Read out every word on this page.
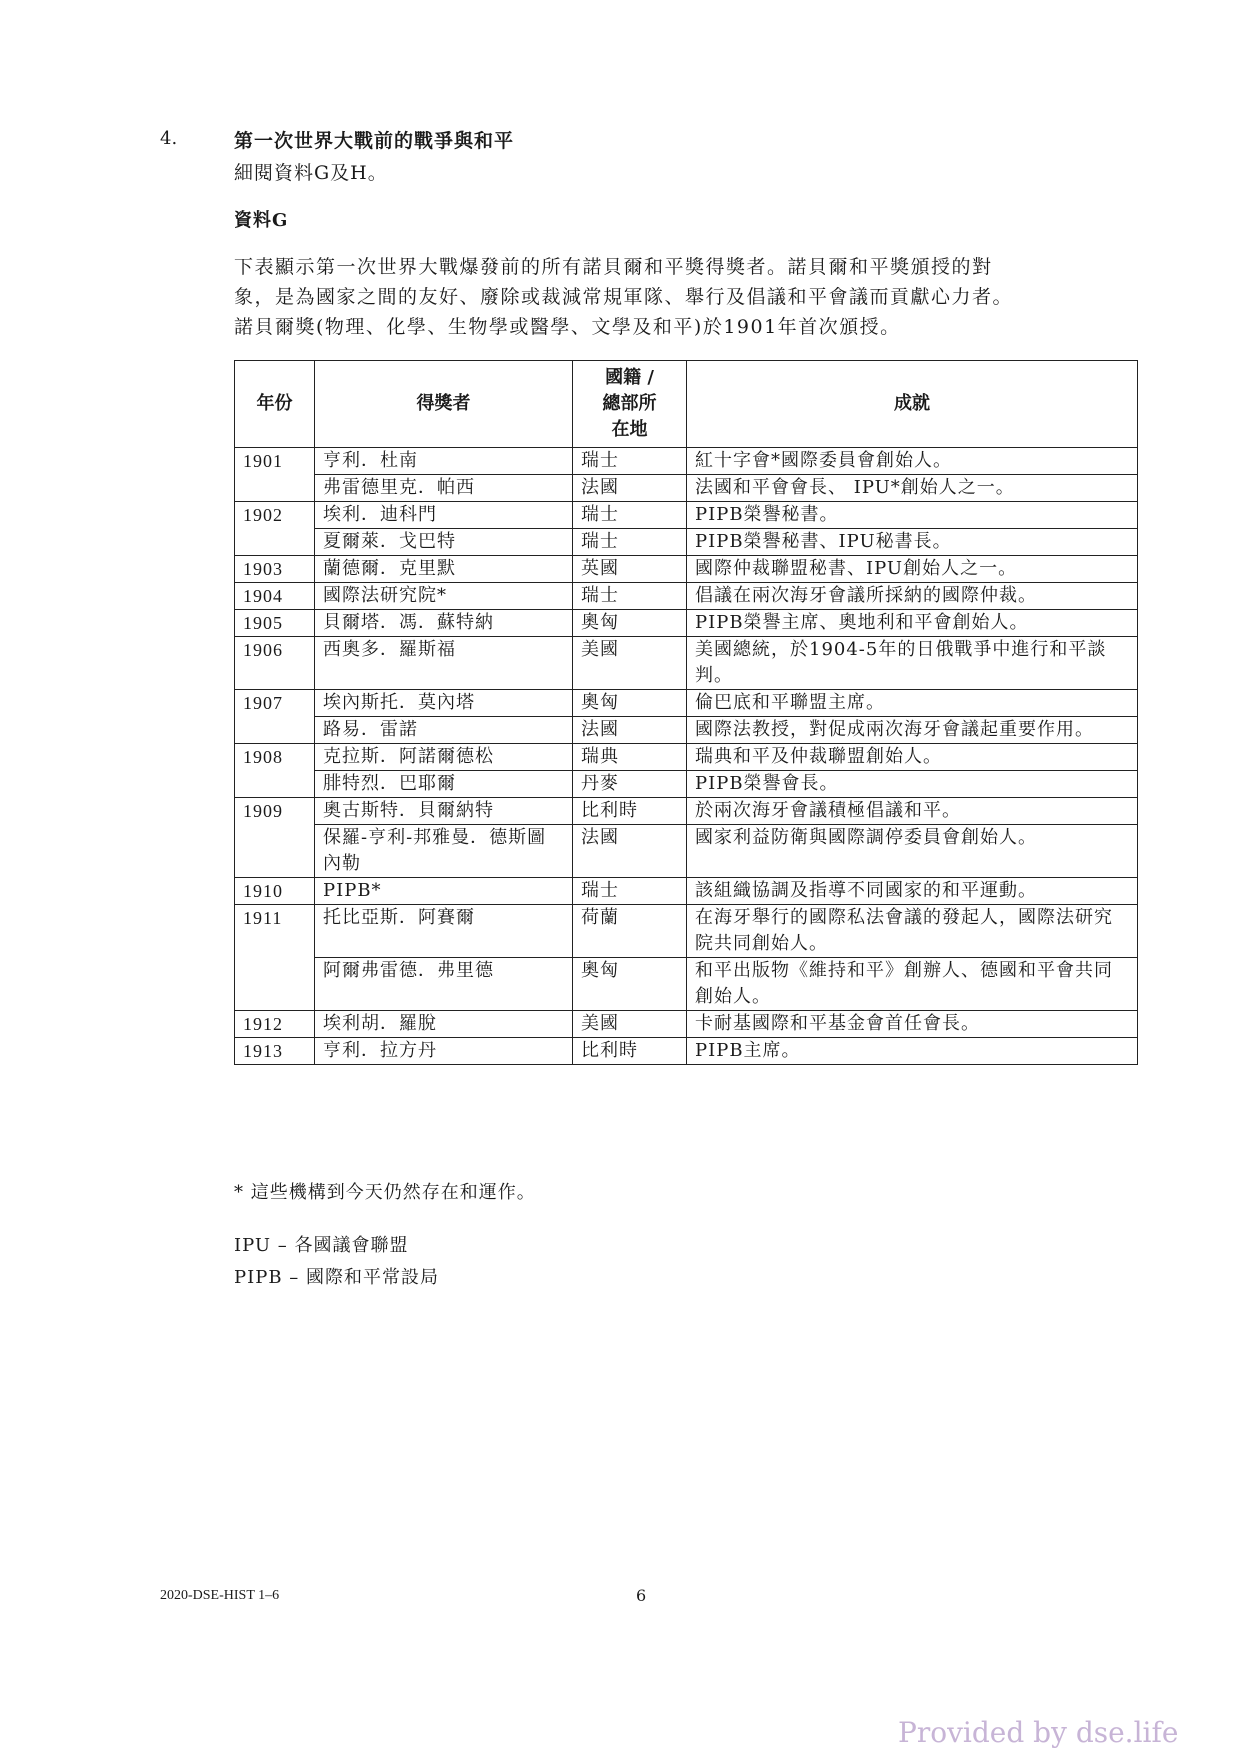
4.	第一次世界大戰前的戰爭與和平
細閱資料G及H。
資料G
下表顯示第一次世界大戰爆發前的所有諾貝爾和平獎得獎者。諾貝爾和平獎頒授的對
象，是為國家之間的友好、廢除或裁減常規軍隊、舉行及倡議和平會議而貢獻心力者。
諾貝爾獎(物理、化學、生物學或醫學、文學及和平)於1901年首次頒授。
年份	得獎者	國籍 /
總部所
在地	成就
1901	亨利．杜南	瑞士	紅十字會*國際委員會創始人。
	弗雷德里克．帕西	法國	法國和平會會長、 IPU*創始人之一。
1902	埃利．迪科門	瑞士	PIPB榮譽秘書。
	夏爾萊．戈巴特	瑞士	PIPB榮譽秘書、IPU秘書長。
1903	蘭德爾．克里默	英國	國際仲裁聯盟秘書、IPU創始人之一。
1904	國際法研究院*	瑞士	倡議在兩次海牙會議所採納的國際仲裁。
1905	貝爾塔．馮．蘇特納	奧匈	PIPB榮譽主席、奧地利和平會創始人。
1906	西奧多．羅斯福	美國	美國總統，於1904-5年的日俄戰爭中進行和平談判。
1907	埃內斯托．莫內塔	奧匈	倫巴底和平聯盟主席。
	路易．雷諾	法國	國際法教授，對促成兩次海牙會議起重要作用。
1908	克拉斯．阿諾爾德松	瑞典	瑞典和平及仲裁聯盟創始人。
	腓特烈．巴耶爾	丹麥	PIPB榮譽會長。
1909	奧古斯特．貝爾納特	比利時	於兩次海牙會議積極倡議和平。
	保羅-亨利-邦雅曼．德斯圖內勒	法國	國家利益防衛與國際調停委員會創始人。
1910	PIPB*	瑞士	該組織協調及指導不同國家的和平運動。
1911	托比亞斯．阿賽爾	荷蘭	在海牙舉行的國際私法會議的發起人，國際法研究院共同創始人。
	阿爾弗雷德．弗里德	奧匈	和平出版物《維持和平》創辦人、德國和平會共同創始人。
1912	埃利胡．羅脫	美國	卡耐基國際和平基金會首任會長。
1913	亨利．拉方丹	比利時	PIPB主席。
* 這些機構到今天仍然存在和運作。
IPU – 各國議會聯盟
PIPB – 國際和平常設局
2020-DSE-HIST 1–6	6
Provided by dse.life
